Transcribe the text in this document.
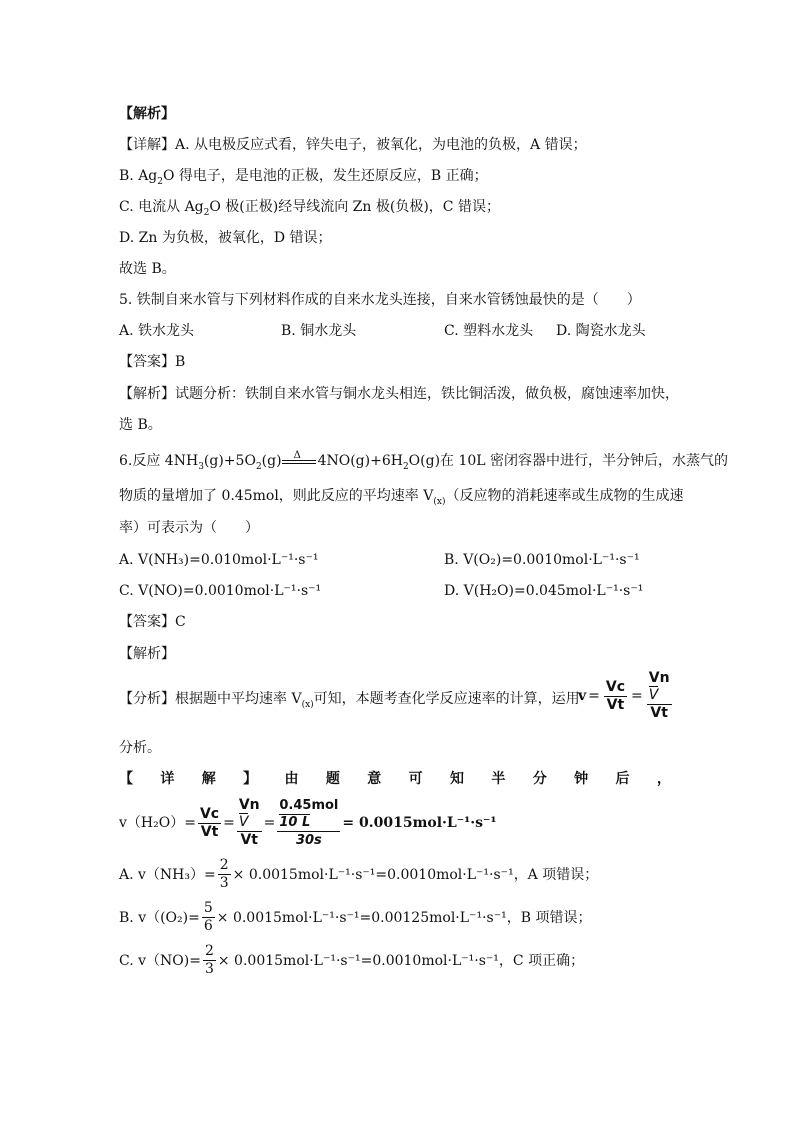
【解析】
【详解】A. 从电极反应式看，锌失电子，被氧化，为电池的负极，A 错误；
B. $Ag_2O$ 得电子，是电池的正极，发生还原反应，B 正确；
C. 电流从 $Ag_2O$ 极(正极)经导线流向 Zn 极(负极)，C 错误；
D. Zn 为负极，被氧化，D 错误；
故选 B。
5. 铁制自来水管与下列材料作成的自来水龙头连接，自来水管锈蚀最快的是（　　）
A. 铁水龙头	B. 铜水龙头	C. 塑料水龙头 D. 陶瓷水龙头
【答案】B
【解析】试题分析：铁制自来水管与铜水龙头相连，铁比铜活泼，做负极，腐蚀速率加快，
选 B。
6.反应 $4NH_3(g)+5O_2(g)$ Δ $4NO(g)+6H_2O(g)$在 10L 密闭容器中进行，半分钟后，水蒸气的
物质的量增加了 0.45mol，则此反应的平均速率 $V_{(x)}$（反应物的消耗速率或生成物的生成速
率）可表示为（　　）
A. V(NH₃)=0.010mol·L⁻¹·s⁻¹	B. V(O₂)=0.0010mol·L⁻¹·s⁻¹
C. V(NO)=0.0010mol·L⁻¹·s⁻¹	D. V(H₂O)=0.045mol·L⁻¹·s⁻¹
【答案】C
【解析】
【分析】根据题中平均速率 $V_{(x)}$可知，本题考查化学反应速率的计算，运用
$v = \frac{Vc}{Vt}$ =
Vn
V
Vt
分析。
【 详 解 】 由 题 意 可 知 半 分 钟 后 ，
$v(H_2O)= \frac{Vc}{Vt}$ =
Vn
V
Vt
=
0.45mol
10 L
30s
= 0.0015mol·L⁻¹·s⁻¹
A. $v(NH_3)= \frac{2}{3} \times 0.0015mol\cdot L^{-1}\cdot s^{-1}=0.0010mol\cdot L^{-1}\cdot s^{-1}$ ，A 项错误；
B. $v((O_2)= \frac{5}{6} \times 0.0015mol\cdot L^{-1}\cdot s^{-1}=0.00125mol\cdot L^{-1}\cdot s^{-1}$ ，B 项错误；
C. $v(NO)= \frac{2}{3} \times 0.0015mol\cdot L^{-1}\cdot s^{-1}=0.0010mol\cdot L^{-1}\cdot s^{-1}$ ，C 项正确；
